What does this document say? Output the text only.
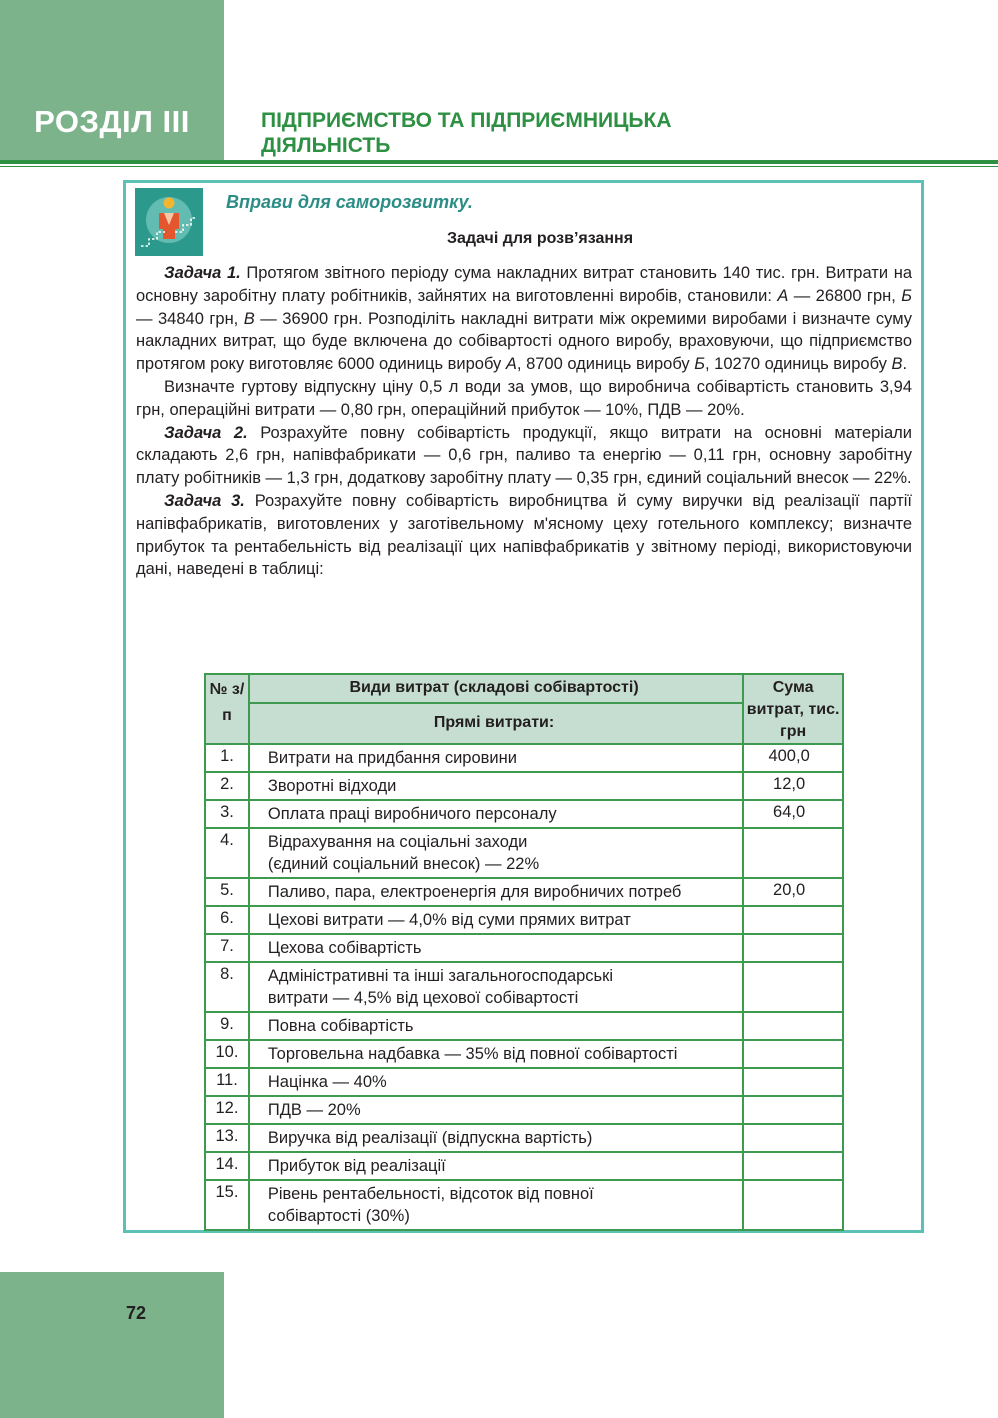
РОЗДІЛ III	ПІДПРИЄМСТВО ТА ПІДПРИЄМНИЦЬКА
ДІЯЛЬНІСТЬ
Вправи для саморозвитку.
Задачі для розв’язання

Задача 1. Протягом звітного періоду сума накладних витрат становить 140 тис. грн. Витрати на основну заробітну плату робітників, зайнятих на виготовленні виробів, становили: А — 26800 грн, Б — 34840 грн, В — 36900 грн. Розподіліть накладні витрати між окремими виробами і визначте суму накладних витрат, що буде включена до собівартості одного виробу, враховуючи, що підприємство протягом року виготовляє 6000 одиниць виробу А, 8700 одиниць виробу Б, 10270 одиниць виробу В.

Визначте гуртову відпускну ціну 0,5 л води за умов, що виробнича собівартість становить 3,94 грн, операційні витрати — 0,80 грн, операційний прибуток — 10%, ПДВ — 20%.

Задача 2. Розрахуйте повну собівартість продукції, якщо витрати на основні матеріали складають 2,6 грн, напівфабрикати — 0,6 грн, паливо та енергію — 0,11 грн, основну заробітну плату робітників — 1,3 грн, додаткову заробітну плату — 0,35 грн, єдиний соціальний внесок — 22%.

Задача 3. Розрахуйте повну собівартість виробництва й суму виручки від реалізації партії напівфабрикатів, виготовлених у заготівельному м'ясному цеху готельного комплексу; визначте прибуток та рентабельність від реалізації цих напівфабрикатів у звітному періоді, використовуючи дані, наведені в таблиці:

№ з/п	Види витрат (складові собівартості)	Сума витрат, тис. грн
	Прямі витрати:	
1.	Витрати на придбання сировини	400,0
2.	Зворотні відходи	12,0
3.	Оплата праці виробничого персоналу	64,0
4.	Відрахування на соціальні заходи
(єдиний соціальний внесок) — 22%	

5.	Паливо, пара, електроенергія для виробничих потреб	20,0
6.	Цехові витрати — 4,0% від суми прямих витрат	
7.	Цехова собівартість	
8.	Адміністративні та інші загальногосподарські
витрати — 4,5% від цехової собівартості	

9.	Повна собівартість	
10.	Торговельна надбавка — 35% від повної собівартості	
11.	Націнка — 40%	
12.	ПДВ — 20%	
13.	Виручка від реалізації (відпускна вартість)	
14.	Прибуток від реалізації	
15.	Рівень рентабельності, відсоток від повної
собівартості (30%)	

72
